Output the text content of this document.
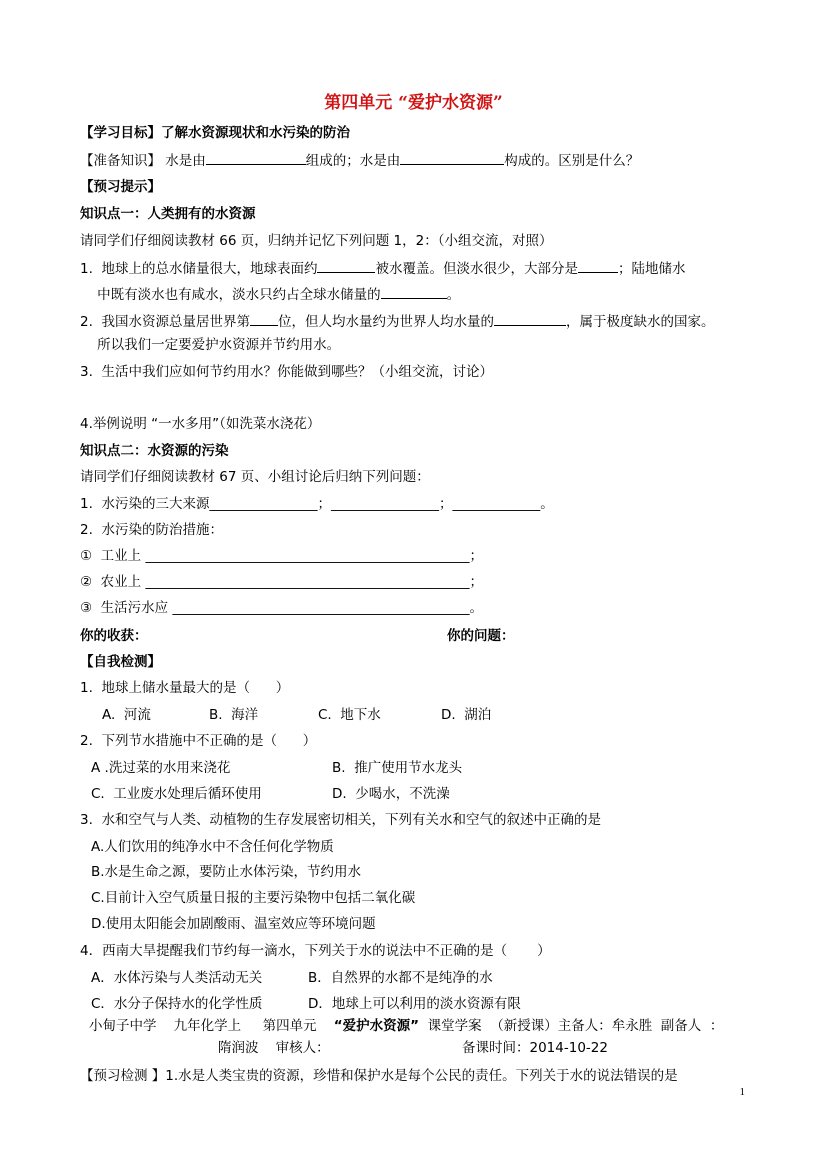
第四单元 “爱护水资源”
【学习目标】了解水资源现状和水污染的防治
【准备知识】 水是由	组成的；水是由	构成的。区别是什么？
【预习提示】
知识点一：人类拥有的水资源
请同学们仔细阅读教材 66 页，归纳并记忆下列问题 1，2：（小组交流，对照）
1.  地球上的总水储量很大，地球表面约	被水覆盖。但淡水很少，大部分是	；陆地储水
中既有淡水也有咸水，淡水只约占全球水储量的	。
2.  我国水资源总量居世界第 位，但人均水量约为世界人均水量的	，属于极度缺水的国家。
所以我们一定要爱护水资源并节约用水。
3.  生活中我们应如何节约用水？你能做到哪些？（小组交流，讨论）
4.举例说明 “一水多用”（如洗菜水浇花）
知识点二：水资源的污染
请同学们仔细阅读教材 67 页、小组讨论后归纳下列问题：
1.  水污染的三大来源________________；________________；_____________。
2.  水污染的防治措施：
①  工业上 ________________________________________________；
②  农业上 ________________________________________________；
③  生活污水应 ____________________________________________。
你的收获：	你的问题：
【自我检测】
1.  地球上储水量最大的是（      ）
A.  河流	B.  海洋	C.  地下水	D.  湖泊
2.  下列节水措施中不正确的是（      ）
A .洗过菜的水用来浇花	B.  推广使用节水龙头
C.  工业废水处理后循环使用	D.  少喝水，不洗澡
3.  水和空气与人类、动植物的生存发展密切相关，下列有关水和空气的叙述中正确的是
A.人们饮用的纯净水中不含任何化学物质
B.水是生命之源，要防止水体污染，节约用水
C.目前计入空气质量日报的主要污染物中包括二氧化碳
D.使用太阳能会加剧酸雨、温室效应等环境问题
4．西南大旱提醒我们节约每一滴水，下列关于水的说法中不正确的是（       ）
A．水体污染与人类活动无关	B．自然界的水都不是纯净的水
C．水分子保持水的化学性质	D．地球上可以利用的淡水资源有限
小甸子中学    九年化学上     第四单元    “爱护水资源”  课堂学案  （新授课）主备人：牟永胜  副备人  ：
隋润波    审核人：	备课时间：2014-10-22
【预习检测 】1.水是人类宝贵的资源，珍惜和保护水是每个公民的责任。下列关于水的说法错误的是
1
